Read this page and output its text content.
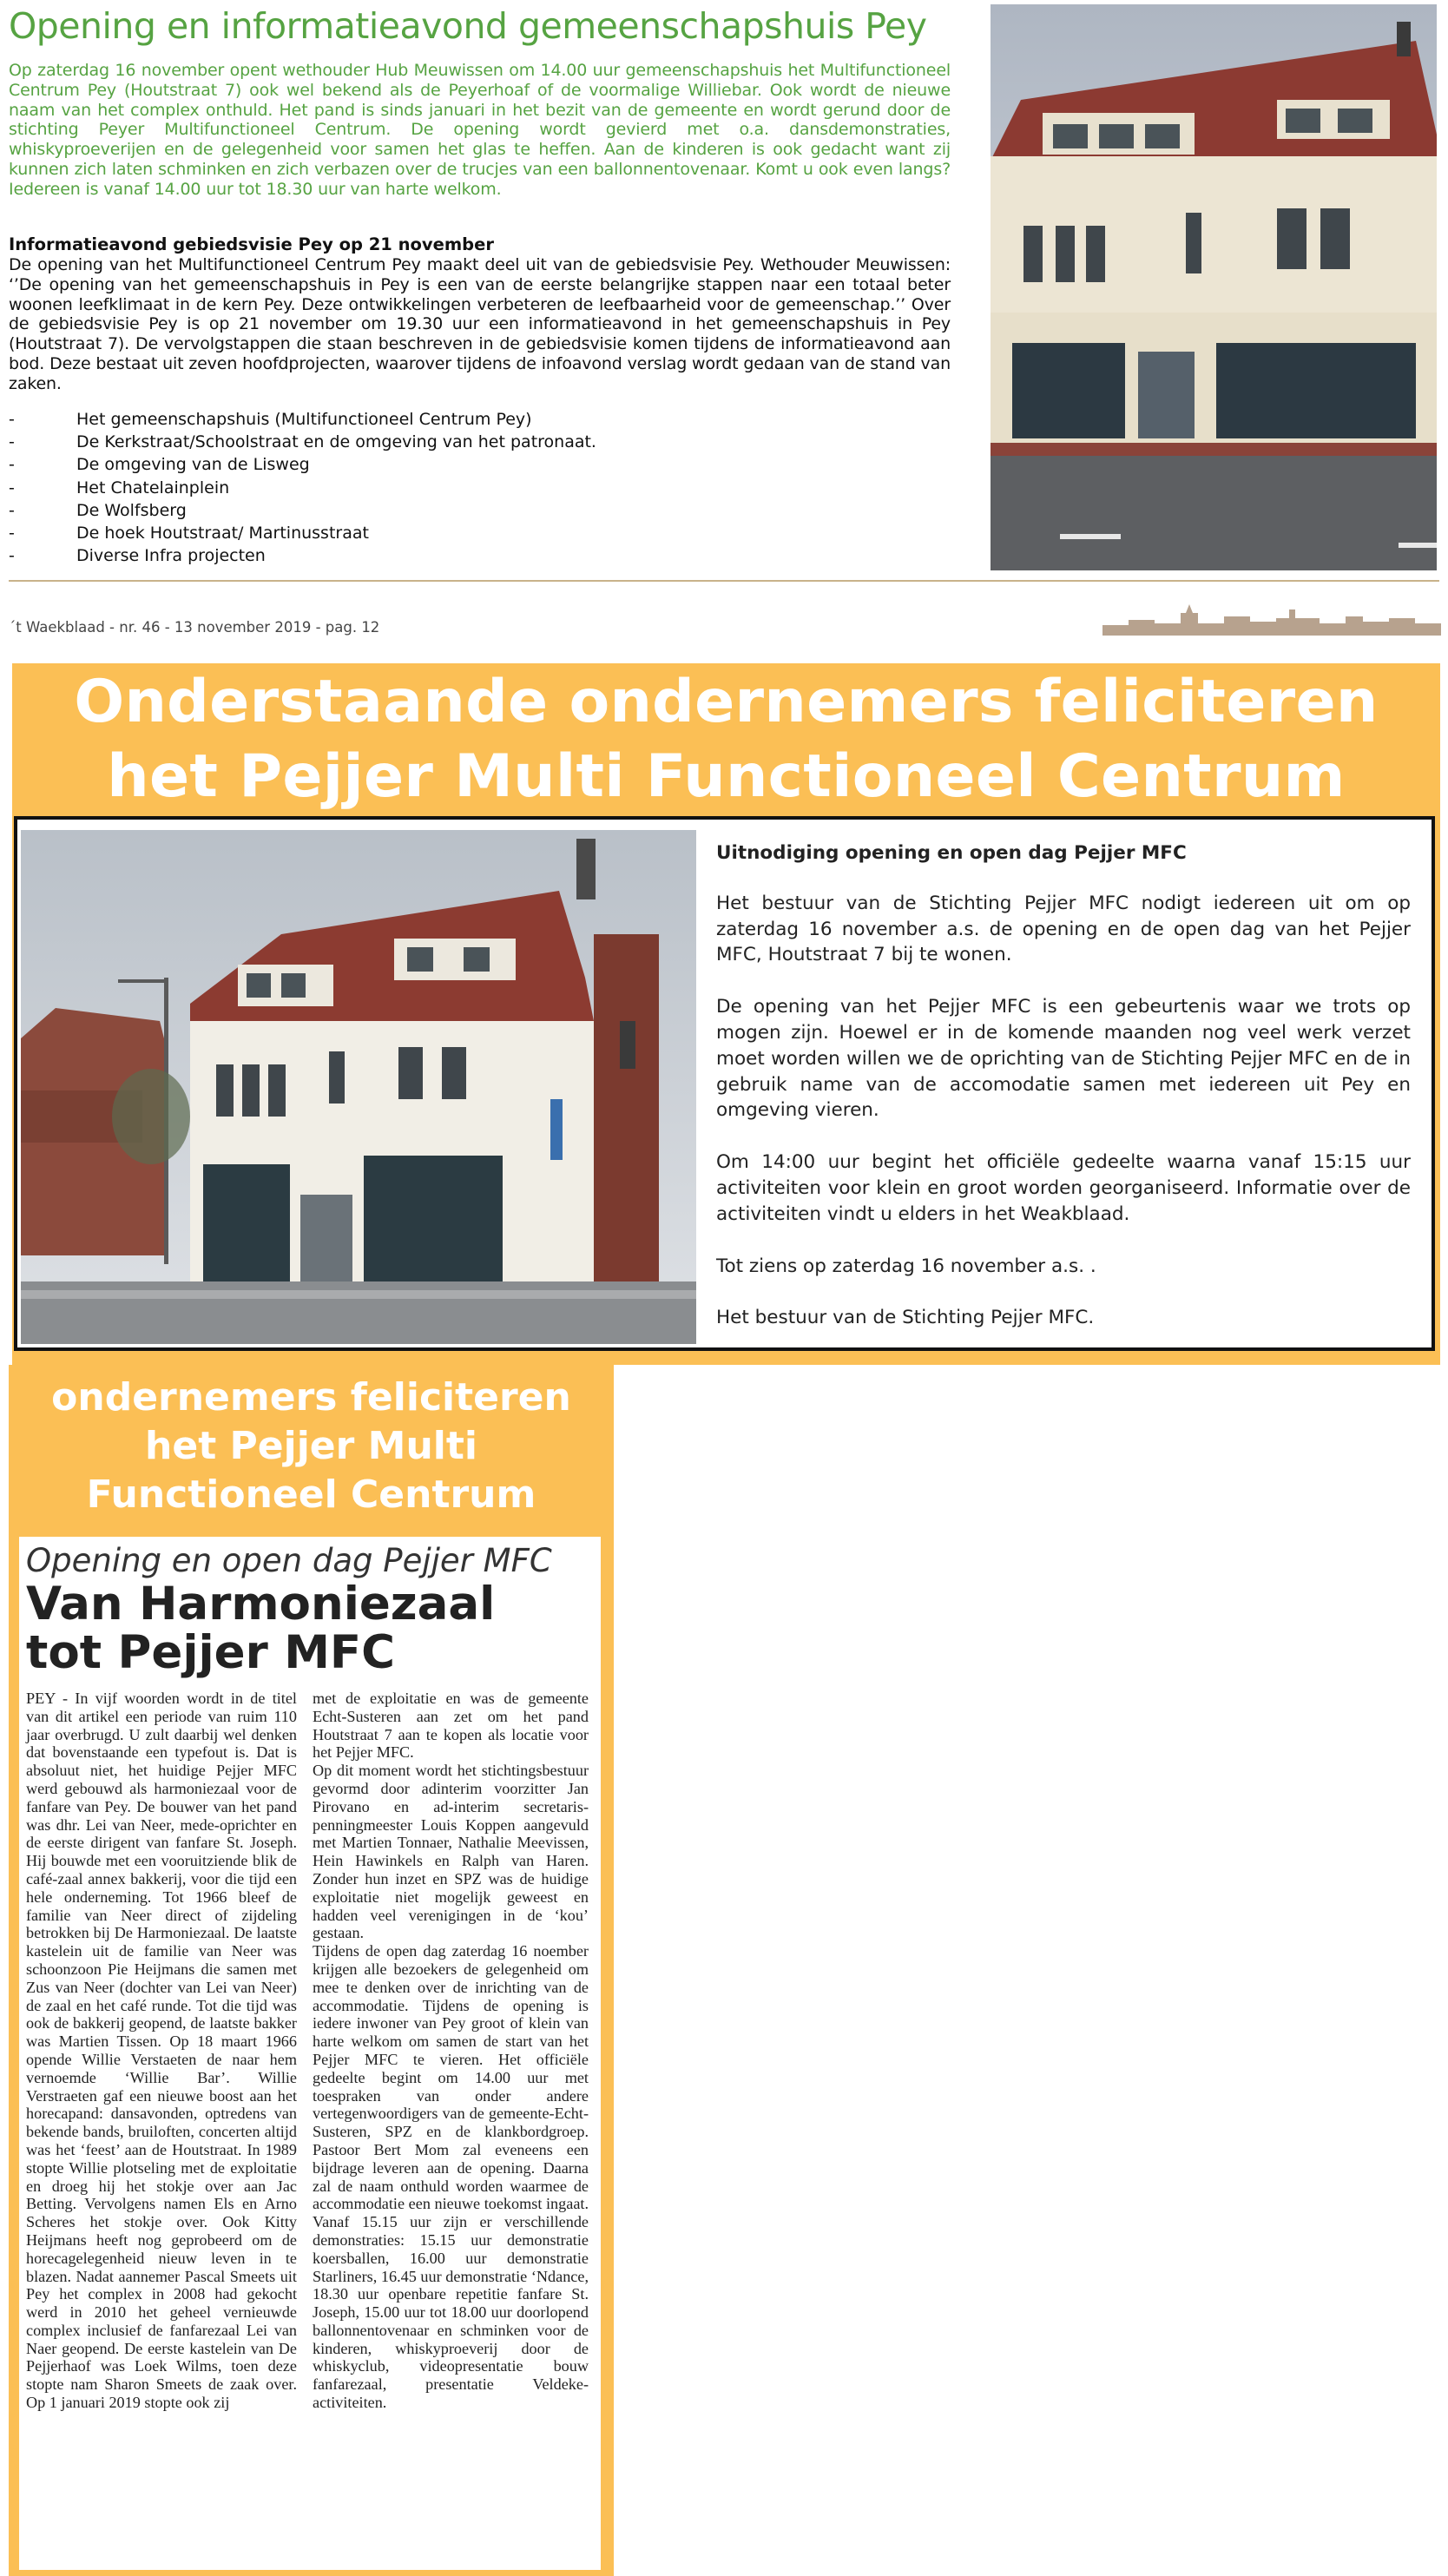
Opening en informatieavond gemeenschapshuis Pey
Op zaterdag 16 november opent wethouder Hub Meuwissen om 14.00 uur gemeenschapshuis het Multifunctioneel Centrum Pey (Houtstraat 7) ook wel bekend als de Peyerhoaf of de voormalige Williebar. Ook wordt de nieuwe naam van het complex onthuld. Het pand is sinds januari in het bezit van de gemeente en wordt gerund door de stichting Peyer Multifunctioneel Centrum. De opening wordt gevierd met o.a. dansdemonstraties, whiskyproeverijen en de gelegenheid voor samen het glas te heffen. Aan de kinderen is ook gedacht want zij kunnen zich laten schminken en zich verbazen over de trucjes van een ballonnentovenaar. Komt u ook even langs? Iedereen is vanaf 14.00 uur tot 18.30 uur van harte welkom.
Informatieavond gebiedsvisie Pey op 21 november
De opening van het Multifunctioneel Centrum Pey maakt deel uit van de gebiedsvisie Pey. Wethouder Meuwissen: ‘’De opening van het gemeenschapshuis in Pey is een van de eerste belangrijke stappen naar een totaal beter woonen leefklimaat in de kern Pey. Deze ontwikkelingen verbeteren de leefbaarheid voor de gemeenschap.’’ Over de gebiedsvisie Pey is op 21 november om 19.30 uur een informatieavond in het gemeenschapshuis in Pey (Houtstraat 7). De vervolgstappen die staan beschreven in de gebiedsvisie komen tijdens de informatieavond aan bod. Deze bestaat uit zeven hoofdprojecten, waarover tijdens de infoavond verslag wordt gedaan van de stand van zaken.
-	Het gemeenschapshuis (Multifunctioneel Centrum Pey)
-	De Kerkstraat/Schoolstraat en de omgeving van het patronaat.
-	De omgeving van de Lisweg
-	Het Chatelainplein
-	De Wolfsberg
-	De hoek Houtstraat/ Martinusstraat
-	Diverse Infra projecten
´t Waekblaad - nr. 46 - 13 november 2019 - pag. 12
Onderstaande ondernemers feliciteren
het Pejjer Multi Functioneel Centrum
Uitnodiging opening en open dag Pejjer MFC

Het bestuur van de Stichting Pejjer MFC nodigt iedereen uit om op zaterdag 16 november a.s. de opening en de open dag van het Pejjer MFC, Houtstraat 7 bij te wonen.

De opening van het Pejjer MFC is een gebeurtenis waar we trots op mogen zijn. Hoewel er in de komende maanden nog veel werk verzet moet worden willen we de oprichting van de Stichting Pejjer MFC en de in gebruik name van de accomodatie samen met iedereen uit Pey en omgeving vieren.

Om 14:00 uur begint het officiële gedeelte waarna vanaf 15:15 uur activiteiten voor klein en groot worden georganiseerd. Informatie over de activiteiten vindt u elders in het Weakblaad.

Tot ziens op zaterdag 16 november a.s. .

Het bestuur van de Stichting Pejjer MFC.

ondernemers feliciteren
het Pejjer Multi
Functioneel Centrum
Opening en open dag Pejjer MFC
Van Harmoniezaal
tot Pejjer MFC

PEY - In vijf woorden wordt in de titel van dit artikel een periode van ruim 110 jaar overbrugd. U zult daarbij wel denken dat bovenstaande een typefout is. Dat is absoluut niet, het huidige Pejjer MFC werd gebouwd als harmoniezaal voor de fanfare van Pey. De bouwer van het pand was dhr. Lei van Neer, mede-oprichter en de eerste dirigent van fanfare St. Joseph. Hij bouwde met een vooruitziende blik de café-zaal annex bakkerij, voor die tijd een hele onderneming. Tot 1966 bleef de familie van Neer direct of zijdeling betrokken bij De Harmoniezaal. De laatste kastelein uit de familie van Neer was schoonzoon Pie Heijmans die samen met Zus van Neer (dochter van Lei van Neer) de zaal en het café runde. Tot die tijd was ook de bakkerij geopend, de laatste bakker was Martien Tissen. Op 18 maart 1966 opende Willie Verstaeten de naar hem vernoemde ‘Willie Bar’. Willie Verstraeten gaf een nieuwe boost aan het horecapand: dansavonden, optredens van bekende bands, bruiloften, concerten altijd was het ‘feest’ aan de Houtstraat. In 1989 stopte Willie plotseling met de exploitatie en droeg hij het stokje over aan Jac Betting. Vervolgens namen Els en Arno Scheres het stokje over. Ook Kitty Heijmans heeft nog geprobeerd om de horecagelegenheid nieuw leven in te blazen. Nadat aannemer Pascal Smeets uit Pey het complex in 2008 had gekocht werd in 2010 het geheel vernieuwde complex inclusief de fanfarezaal Lei van Naer geopend. De eerste kastelein van De Pejjerhaof was Loek Wilms, toen deze stopte nam Sharon Smeets de zaak over. Op 1 januari 2019 stopte ook zij

met de exploitatie en was de gemeente Echt-Susteren aan zet om het pand Houtstraat 7 aan te kopen als locatie voor het Pejjer MFC.

Op dit moment wordt het stichtingsbestuur gevormd door adinterim voorzitter Jan Pirovano en ad-interim secretaris-penningmeester Louis Koppen aangevuld met Martien Tonnaer, Nathalie Meevissen, Hein Hawinkels en Ralph van Haren. Zonder hun inzet en SPZ was de huidige exploitatie niet mogelijk geweest en hadden veel verenigingen in de ‘kou’ gestaan.

Tijdens de open dag zaterdag 16 noember krijgen alle bezoekers de gelegenheid om mee te denken over de inrichting van de accommodatie. Tijdens de opening is iedere inwoner van Pey groot of klein van harte welkom om samen de start van het Pejjer MFC te vieren. Het officiële gedeelte begint om 14.00 uur met toespraken van onder andere vertegenwoordigers van de gemeente-Echt-Susteren, SPZ en de klankbordgroep. Pastoor Bert Mom zal eveneens een bijdrage leveren aan de opening. Daarna zal de naam onthuld worden waarmee de accommodatie een nieuwe toekomst ingaat. Vanaf 15.15 uur zijn er verschillende demonstraties: 15.15 uur demonstratie koersballen, 16.00 uur demonstratie Starliners, 16.45 uur demonstratie ‘Ndance, 18.30 uur openbare repetitie fanfare St. Joseph, 15.00 uur tot 18.00 uur doorlopend ballonnentovenaar en schminken voor de kinderen, whiskyproeverij door de whiskyclub, videopresentatie bouw fanfarezaal, presentatie Veldeke-activiteiten.
